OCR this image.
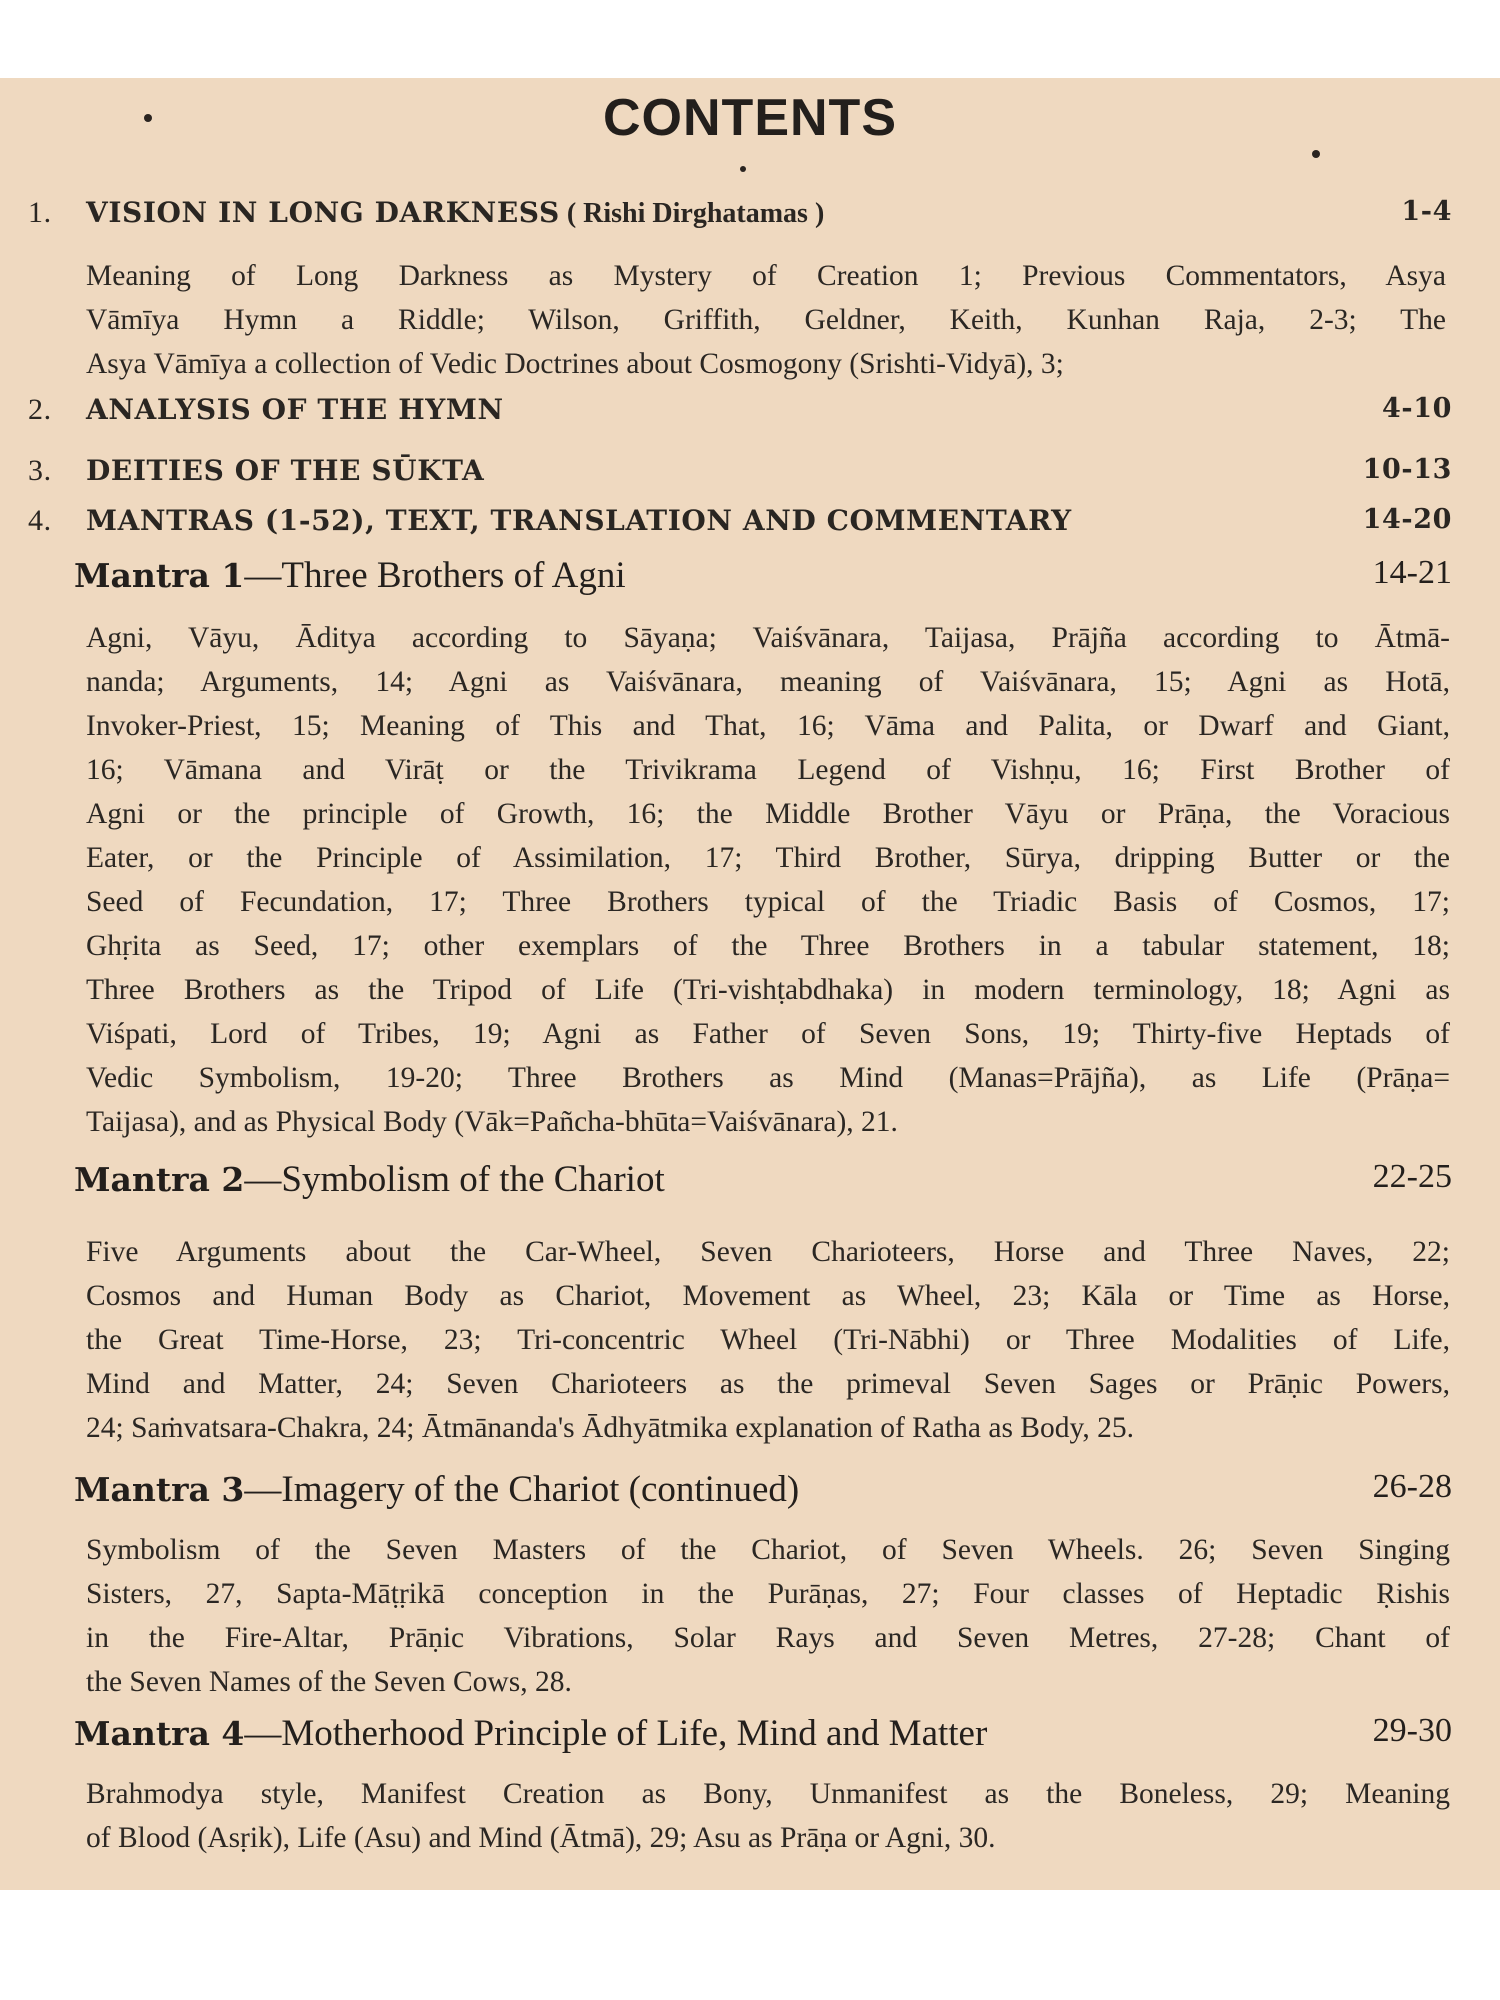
CONTENTS
1. VISION IN LONG DARKNESS ( Rishi Dirghatamas )	1-4
Meaning of Long Darkness as Mystery of Creation 1; Previous Commentators, Asya
Vāmīya Hymn a Riddle; Wilson, Griffith, Geldner, Keith, Kunhan Raja, 2-3; The
Asya Vāmīya a collection of Vedic Doctrines about Cosmogony (Srishti-Vidyā), 3;
2. ANALYSIS OF THE HYMN	4-10
3. DEITIES OF THE SŪKTA	10-13
4. MANTRAS (1-52), TEXT, TRANSLATION AND COMMENTARY	14-20
Mantra 1—Three Brothers of Agni	14-21
Agni, Vāyu, Āditya according to Sāyaṇa; Vaiśvānara, Taijasa, Prājña according to Ātmā-
nanda; Arguments, 14; Agni as Vaiśvānara, meaning of Vaiśvānara, 15; Agni as Hotā,
Invoker-Priest, 15; Meaning of This and That, 16; Vāma and Palita, or Dwarf and Giant,
16; Vāmana and Virāṭ or the Trivikrama Legend of Vishṇu, 16; First Brother of
Agni or the principle of Growth, 16; the Middle Brother Vāyu or Prāṇa, the Voracious
Eater, or the Principle of Assimilation, 17; Third Brother, Sūrya, dripping Butter or the
Seed of Fecundation, 17; Three Brothers typical of the Triadic Basis of Cosmos, 17;
Ghṛita as Seed, 17; other exemplars of the Three Brothers in a tabular statement, 18;
Three Brothers as the Tripod of Life (Tri-vishṭabdhaka) in modern terminology, 18; Agni as
Viśpati, Lord of Tribes, 19; Agni as Father of Seven Sons, 19; Thirty-five Heptads of
Vedic Symbolism, 19-20; Three Brothers as Mind (Manas=Prājña), as Life (Prāṇa=
Taijasa), and as Physical Body (Vāk=Pañcha-bhūta=Vaiśvānara), 21.
Mantra 2—Symbolism of the Chariot	22-25
Five Arguments about the Car-Wheel, Seven Charioteers, Horse and Three Naves, 22;
Cosmos and Human Body as Chariot, Movement as Wheel, 23; Kāla or Time as Horse,
the Great Time-Horse, 23; Tri-concentric Wheel (Tri-Nābhi) or Three Modalities of Life,
Mind and Matter, 24; Seven Charioteers as the primeval Seven Sages or Prāṇic Powers,
24; Saṁvatsara-Chakra, 24; Ātmānanda's Ādhyātmika explanation of Ratha as Body, 25.
Mantra 3—Imagery of the Chariot (continued)	26-28
Symbolism of the Seven Masters of the Chariot, of Seven Wheels. 26; Seven Singing
Sisters, 27, Sapta-Māṭṛikā conception in the Purāṇas, 27; Four classes of Heptadic Ṛishis
in the Fire-Altar, Prāṇic Vibrations, Solar Rays and Seven Metres, 27-28; Chant of
the Seven Names of the Seven Cows, 28.
Mantra 4—Motherhood Principle of Life, Mind and Matter	29-30
Brahmodya style, Manifest Creation as Bony, Unmanifest as the Boneless, 29; Meaning
of Blood (Asṛik), Life (Asu) and Mind (Ātmā), 29; Asu as Prāṇa or Agni, 30.
